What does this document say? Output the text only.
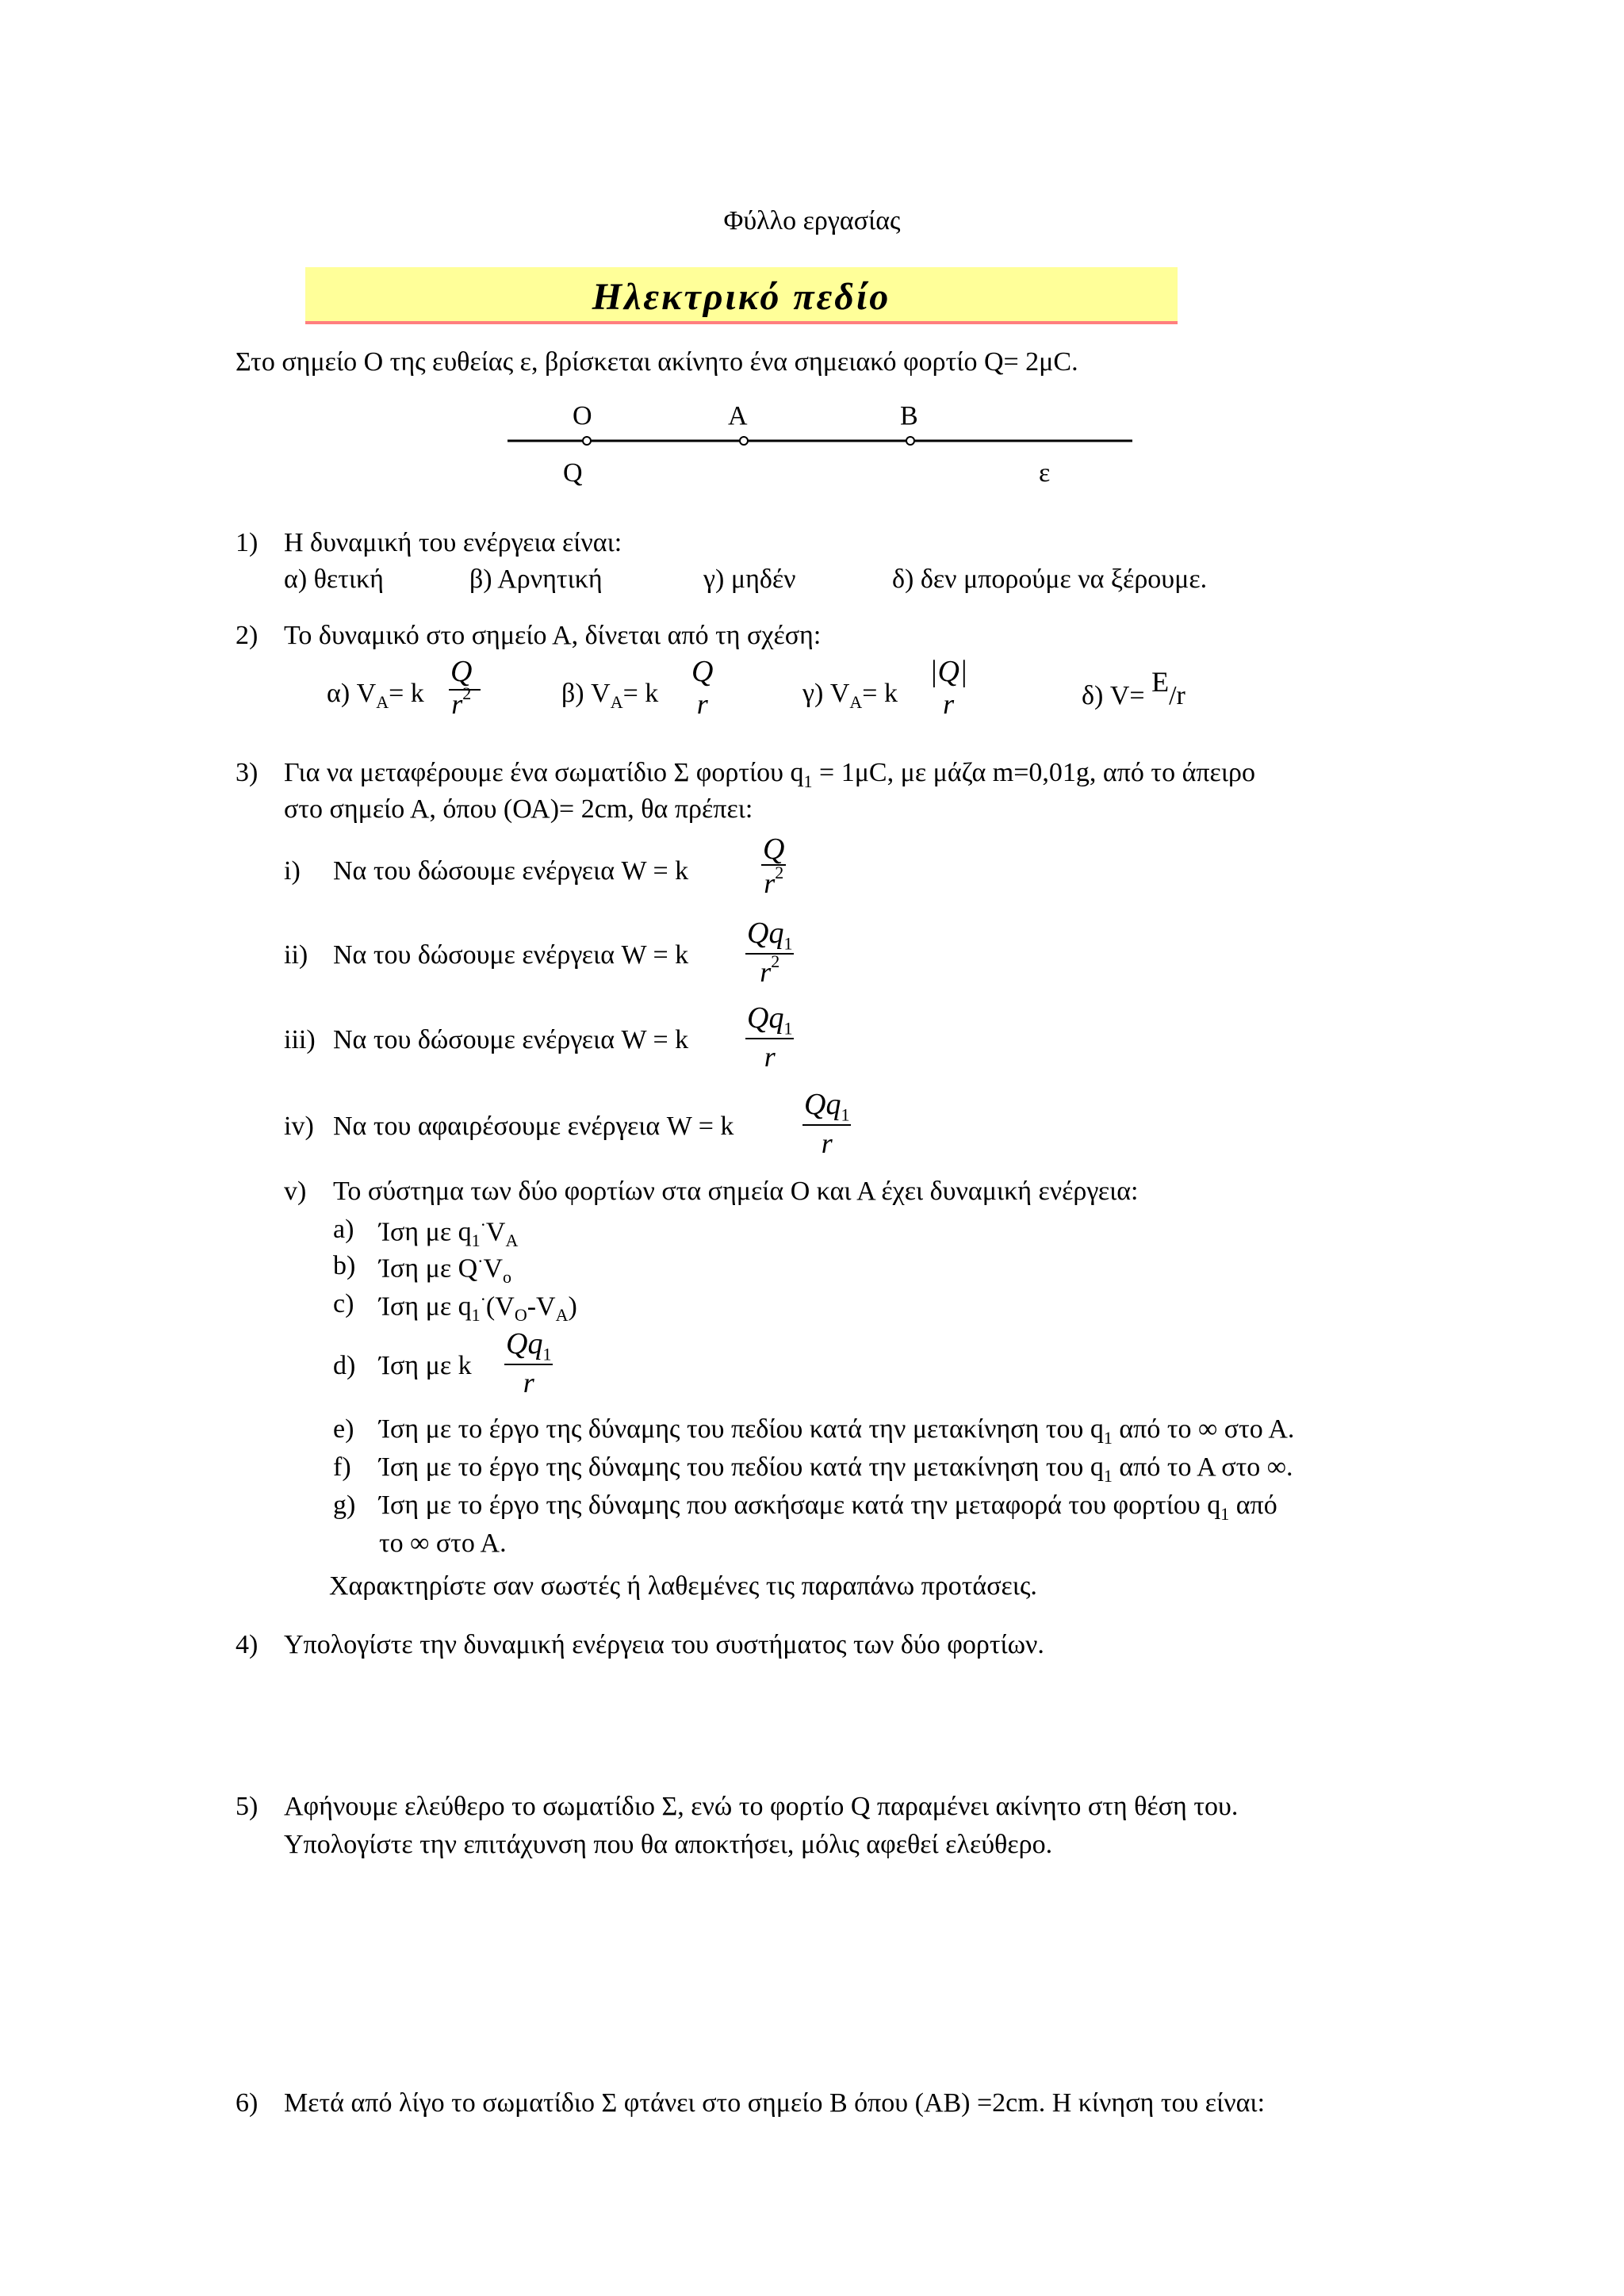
Φύλλο εργασίας
Ηλεκτρικό πεδίο
Στο σημείο Ο της ευθείας ε, βρίσκεται ακίνητο ένα σημειακό φορτίο Q= 2μC.
Ο	Α	Β
Q	ε
1) Η δυναμική του ενέργεια είναι:
α) θετική	β) Αρνητική	γ) μηδέν	δ) δεν μπορούμε να ξέρουμε.
2) Το δυναμικό στο σημείο Α, δίνεται από τη σχέση:
α) $V_A= k$
Q
$r^2$	β) $V_A= k$
Q
r	γ) $V_A= k$
|Q|
r	δ) V= E/r
3) Για να μεταφέρουμε ένα σωματίδιο Σ φορτίου $q_1 = 1\mu C$, με μάζα m=0,01g, από το άπειρο
στο σημείο Α, όπου (ΟΑ)= 2cm, θα πρέπει:
i) Να του δώσουμε ενέργεια W = k $\frac{Q}{r^2}$
ii) Να του δώσουμε ενέργεια W = k $\frac{Qq_1}{r^2}$
iii) Να του δώσουμε ενέργεια W = k $\frac{Qq_1}{r}$
iv) Να του αφαιρέσουμε ενέργεια W = k $\frac{Qq_1}{r}$
v) Το σύστημα των δύο φορτίων στα σημεία Ο και Α έχει δυναμική ενέργεια:
a) Ίση με $q_1^\cdot V_A$
b) Ίση με $Q^\cdot V_o$
c) Ίση με $q_1^\cdot(V_O-V_A)$
d) Ίση με k $\frac{Qq_1}{r}$
e) Ίση με το έργο της δύναμης του πεδίου κατά την μετακίνηση του $q_1$ από το ∞ στο Α.
f) Ίση με το έργο της δύναμης του πεδίου κατά την μετακίνηση του $q_1$ από το Α στο ∞.
g) Ίση με το έργο της δύναμης που ασκήσαμε κατά την μεταφορά του φορτίου $q_1$ από
το ∞ στο Α.
Χαρακτηρίστε σαν σωστές ή λαθεμένες τις παραπάνω προτάσεις.
4) Υπολογίστε την δυναμική ενέργεια του συστήματος των δύο φορτίων.
5) Αφήνουμε ελεύθερο το σωματίδιο Σ, ενώ το φορτίο Q παραμένει ακίνητο στη θέση του.
Υπολογίστε την επιτάχυνση που θα αποκτήσει, μόλις αφεθεί ελεύθερο.
6) Μετά από λίγο το σωματίδιο Σ φτάνει στο σημείο Β όπου (ΑΒ) =2cm. Η κίνηση του είναι:
